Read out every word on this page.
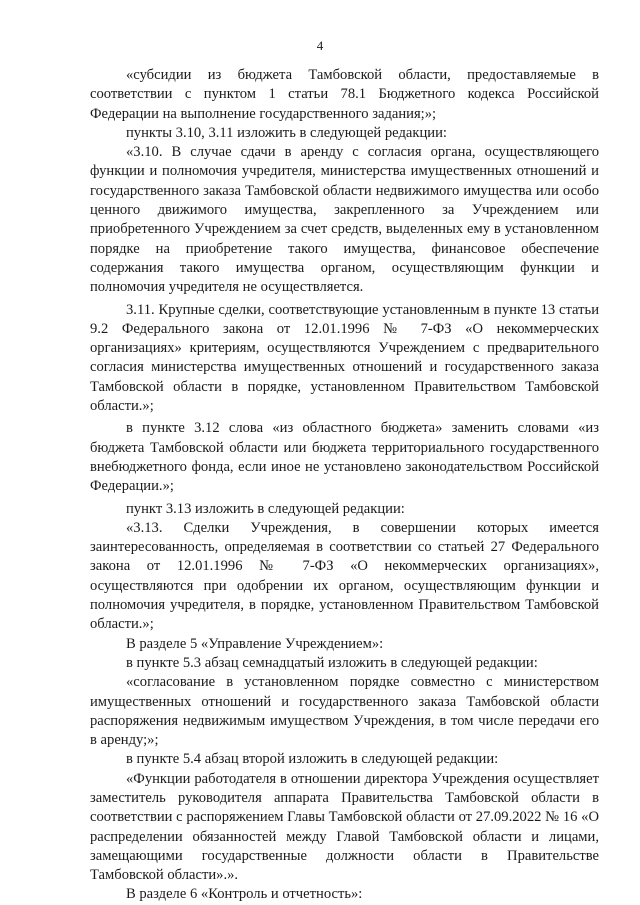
4

«субсидии из бюджета Тамбовской области, предоставляемые в соответствии с пунктом 1 статьи 78.1 Бюджетного кодекса Российской Федерации на выполнение государственного задания;»;

пункты 3.10, 3.11 изложить в следующей редакции:

«3.10. В случае сдачи в аренду с согласия органа, осуществляющего функции и полномочия учредителя, министерства имущественных отношений и государственного заказа Тамбовской области недвижимого имущества или особо ценного движимого имущества, закрепленного за Учреждением или приобретенного Учреждением за счет средств, выделенных ему в установленном порядке на приобретение такого имущества, финансовое обеспечение содержания такого имущества органом, осуществляющим функции и полномочия учредителя не осуществляется.

3.11. Крупные сделки, соответствующие установленным в пункте 13 статьи 9.2 Федерального закона от 12.01.1996 № 7-ФЗ «О некоммерческих организациях» критериям, осуществляются Учреждением с предварительного согласия министерства имущественных отношений и государственного заказа Тамбовской области в порядке, установленном Правительством Тамбовской области.»;

в пункте 3.12 слова «из областного бюджета» заменить словами «из бюджета Тамбовской области или бюджета территориального государственного внебюджетного фонда, если иное не установлено законодательством Российской Федерации.»;

пункт 3.13 изложить в следующей редакции:

«3.13. Сделки Учреждения, в совершении которых имеется заинтересованность, определяемая в соответствии со статьей 27 Федерального закона от 12.01.1996 № 7-ФЗ «О некоммерческих организациях», осуществляются при одобрении их органом, осуществляющим функции и полномочия учредителя, в порядке, установленном Правительством Тамбовской области.»;

В разделе 5 «Управление Учреждением»:

в пункте 5.3 абзац семнадцатый изложить в следующей редакции:

«согласование в установленном порядке совместно с министерством имущественных отношений и государственного заказа Тамбовской области распоряжения недвижимым имуществом Учреждения, в том числе передачи его в аренду;»;

в пункте 5.4 абзац второй изложить в следующей редакции:

«Функции работодателя в отношении директора Учреждения осуществляет заместитель руководителя аппарата Правительства Тамбовской области в соответствии с распоряжением Главы Тамбовской области от 27.09.2022 № 16 «О распределении обязанностей между Главой Тамбовской области и лицами, замещающими государственные должности области в Правительстве Тамбовской области».».

В разделе 6 «Контроль и отчетность»:
